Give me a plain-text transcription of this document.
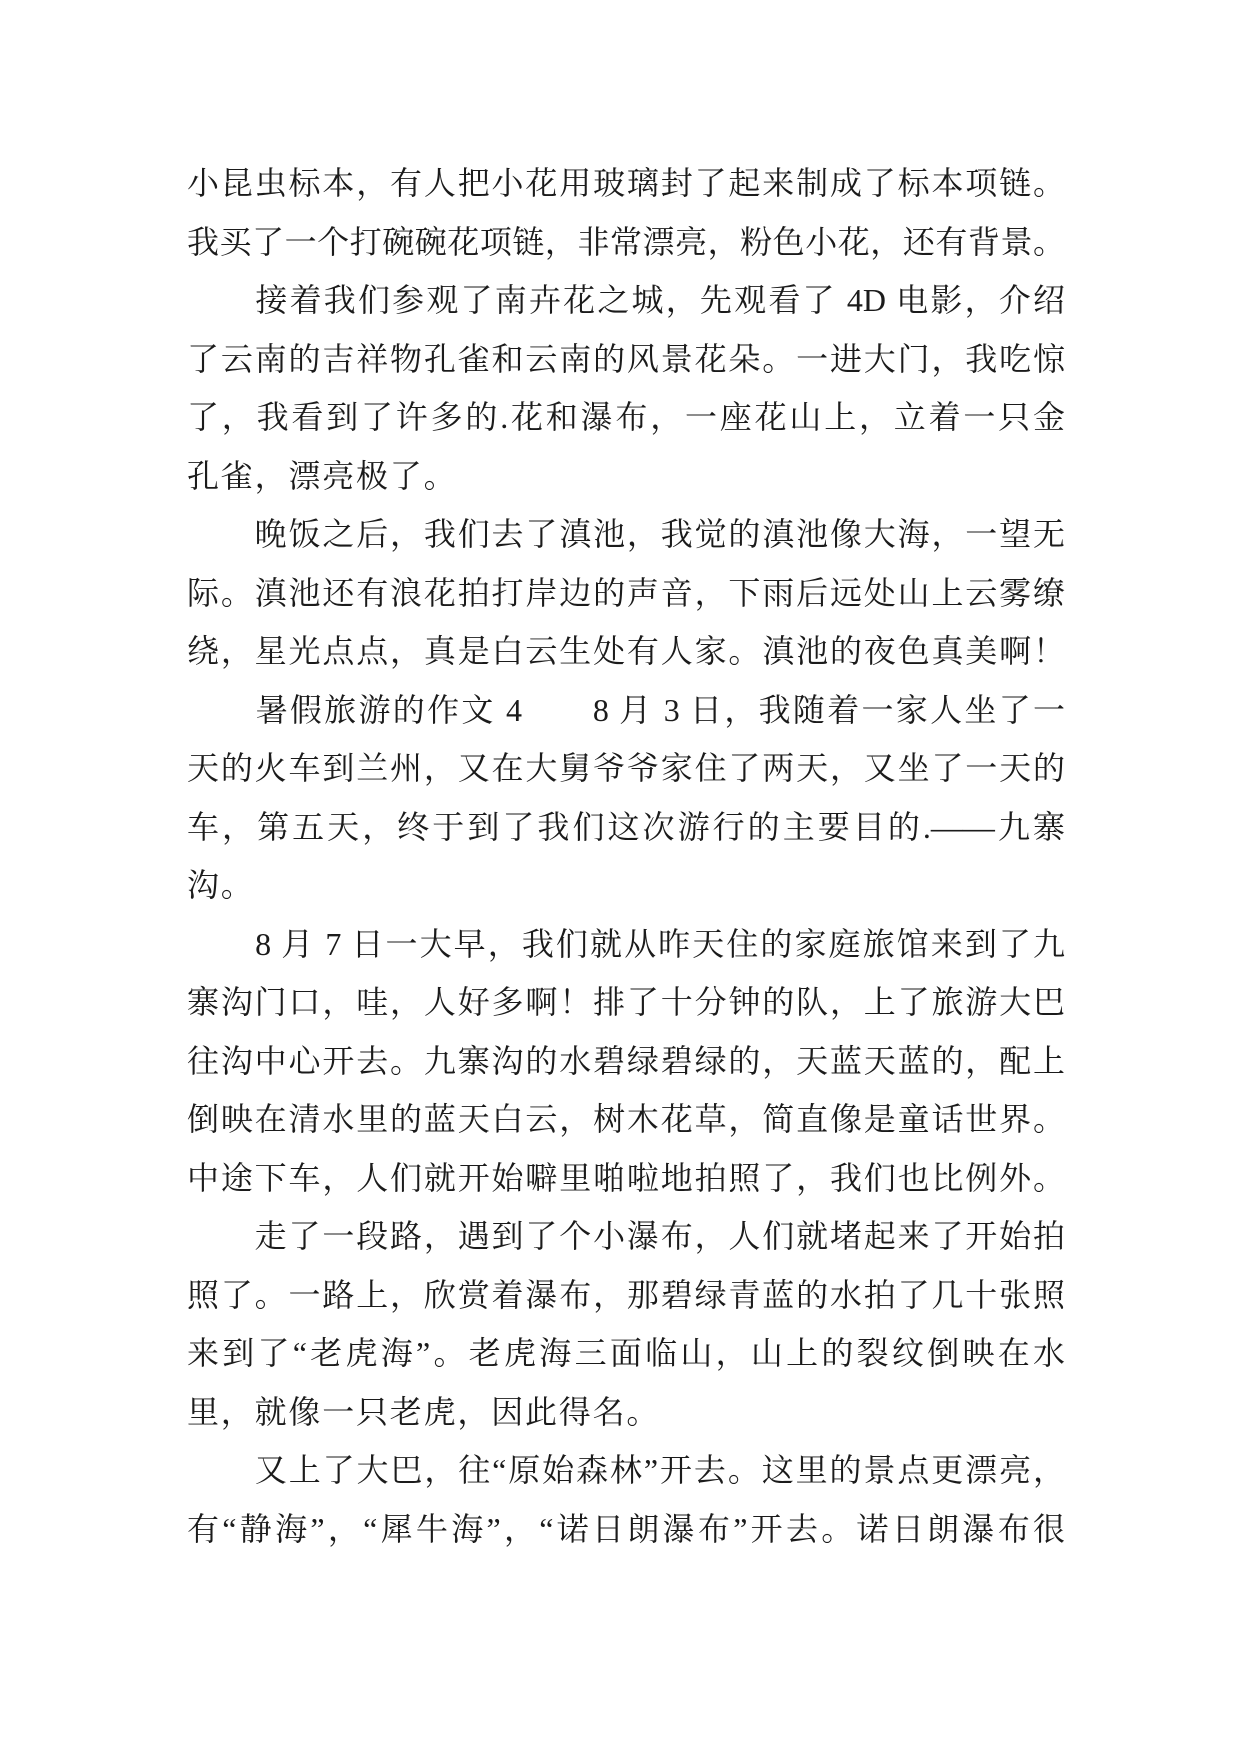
小昆虫标本，有人把小花用玻璃封了起来制成了标本项链。
我买了一个打碗碗花项链，非常漂亮，粉色小花，还有背景。
　　接着我们参观了南卉花之城，先观看了 4D 电影，介绍
了云南的吉祥物孔雀和云南的风景花朵。一进大门，我吃惊
了，我看到了许多的.花和瀑布，一座花山上，立着一只金
孔雀，漂亮极了。
　　晚饭之后，我们去了滇池，我觉的滇池像大海，一望无
际。滇池还有浪花拍打岸边的声音，下雨后远处山上云雾缭
绕，星光点点，真是白云生处有人家。滇池的夜色真美啊！
　　暑假旅游的作文 4　　8 月 3 日，我随着一家人坐了一
天的火车到兰州，又在大舅爷爷家住了两天，又坐了一天的
车，第五天，终于到了我们这次游行的主要目的.——九寨
沟。
　　8 月 7 日一大早，我们就从昨天住的家庭旅馆来到了九
寨沟门口，哇，人好多啊！排了十分钟的队，上了旅游大巴
往沟中心开去。九寨沟的水碧绿碧绿的，天蓝天蓝的，配上
倒映在清水里的蓝天白云，树木花草，简直像是童话世界。
中途下车，人们就开始噼里啪啦地拍照了，我们也比例外。
　　走了一段路，遇到了个小瀑布，人们就堵起来了开始拍
照了。一路上，欣赏着瀑布，那碧绿青蓝的水拍了几十张照
来到了“老虎海”。老虎海三面临山，山上的裂纹倒映在水
里，就像一只老虎，因此得名。
　　又上了大巴，往“原始森林”开去。这里的景点更漂亮，
有“静海”，“犀牛海”，“诺日朗瀑布”开去。诺日朗瀑布很
